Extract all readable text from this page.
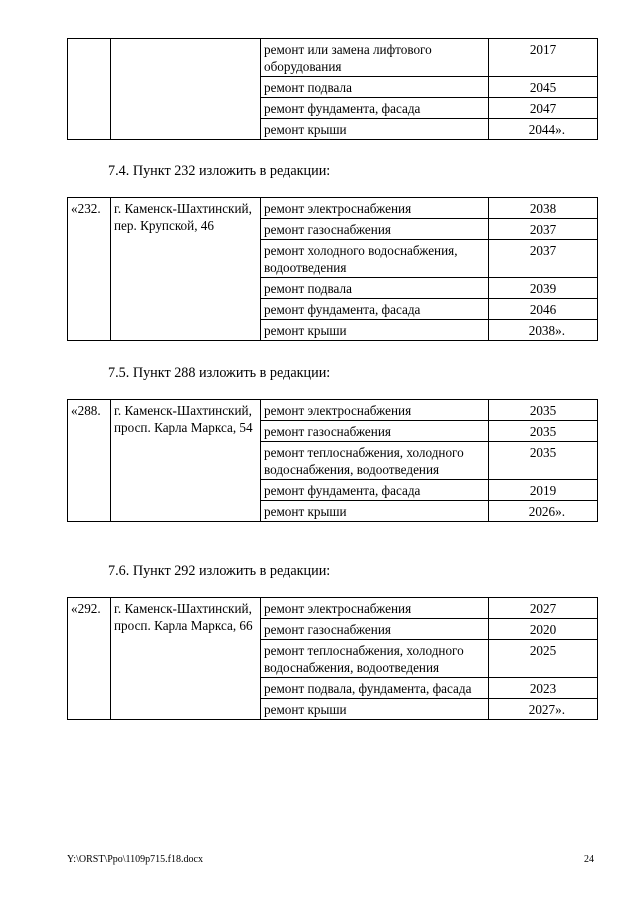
		ремонт или замена лифтового оборудования	2017
		ремонт подвала	2045
		ремонт фундамента, фасада	2047
		ремонт крыши	2044».
7.4. Пункт 232 изложить в редакции:
«232.	г. Каменск-Шахтинский, пер. Крупской, 46	ремонт электроснабжения	2038
		ремонт газоснабжения	2037
		ремонт холодного водоснабжения, водоотведения	2037
		ремонт подвала	2039
		ремонт фундамента, фасада	2046
		ремонт крыши	2038».
7.5. Пункт 288 изложить в редакции:
«288.	г. Каменск-Шахтинский, просп. Карла Маркса, 54	ремонт электроснабжения	2035
		ремонт газоснабжения	2035
		ремонт теплоснабжения, холодного водоснабжения, водоотведения	2035
		ремонт фундамента, фасада	2019
		ремонт крыши	2026».
7.6. Пункт 292 изложить в редакции:
«292.	г. Каменск-Шахтинский, просп. Карла Маркса, 66	ремонт электроснабжения	2027
		ремонт газоснабжения	2020
		ремонт теплоснабжения, холодного водоснабжения, водоотведения	2025
		ремонт подвала, фундамента, фасада	2023
		ремонт крыши	2027».
Y:\ORST\Ppo\1109p715.f18.docx	24
